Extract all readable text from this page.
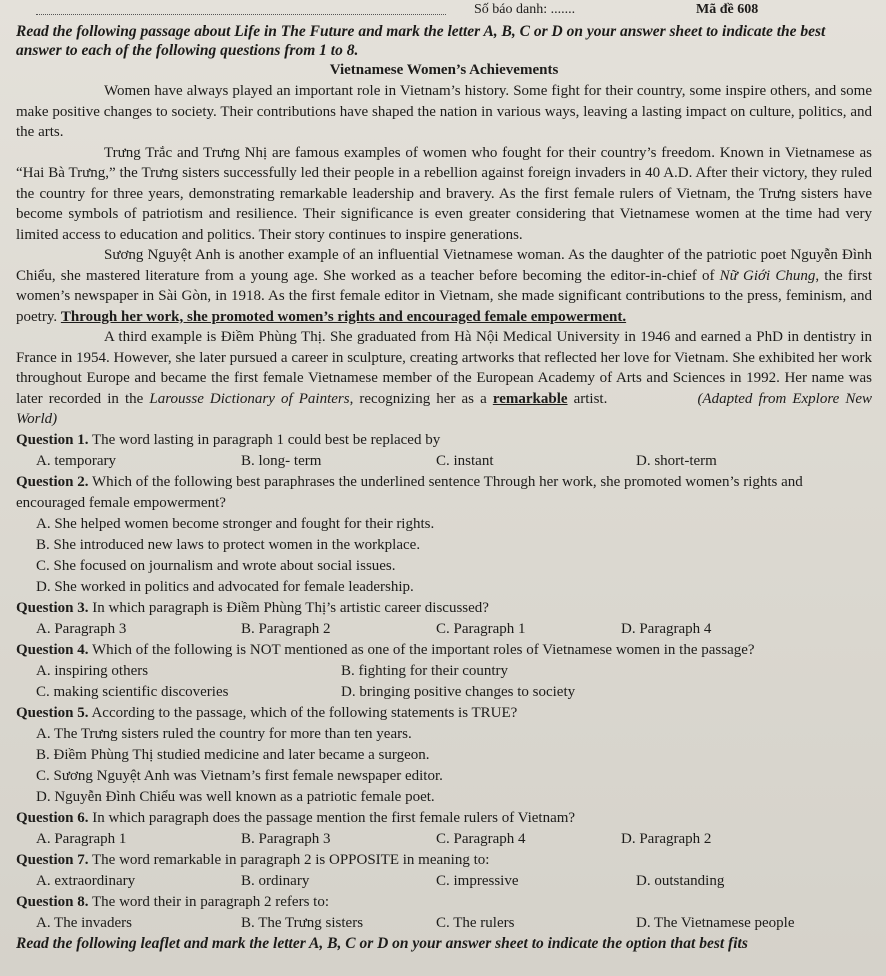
Số báo danh: .......	Mã đề 608

Read the following passage about Life in The Future and mark the letter A, B, C or D on your answer sheet to indicate the best answer to each of the following questions from 1 to 8.

Vietnamese Women’s Achievements

Women have always played an important role in Vietnam’s history. Some fight for their country, some inspire others, and some make positive changes to society. Their contributions have shaped the nation in various ways, leaving a lasting impact on culture, politics, and the arts.

Trưng Trắc and Trưng Nhị are famous examples of women who fought for their country’s freedom. Known in Vietnamese as “Hai Bà Trưng,” the Trưng sisters successfully led their people in a rebellion against foreign invaders in 40 A.D. After their victory, they ruled the country for three years, demonstrating remarkable leadership and bravery. As the first female rulers of Vietnam, the Trưng sisters have become symbols of patriotism and resilience. Their significance is even greater considering that Vietnamese women at the time had very limited access to education and politics. Their story continues to inspire generations.

Sương Nguyệt Anh is another example of an influential Vietnamese woman. As the daughter of the patriotic poet Nguyễn Đình Chiểu, she mastered literature from a young age. She worked as a teacher before becoming the editor-in-chief of Nữ Giới Chung, the first women’s newspaper in Sài Gòn, in 1918. As the first female editor in Vietnam, she made significant contributions to the press, feminism, and poetry. Through her work, she promoted women’s rights and encouraged female empowerment.

A third example is Điềm Phùng Thị. She graduated from Hà Nội Medical University in 1946 and earned a PhD in dentistry in France in 1954. However, she later pursued a career in sculpture, creating artworks that reflected her love for Vietnam. She exhibited her work throughout Europe and became the first female Vietnamese member of the European Academy of Arts and Sciences in 1992. Her name was later recorded in the Larousse Dictionary of Painters, recognizing her as a remarkable artist.	(Adapted from Explore New World)

Question 1. The word lasting in paragraph 1 could best be replaced by

A. temporary	B. long- term	C. instant	D. short-term

Question 2. Which of the following best paraphrases the underlined sentence Through her work, she promoted women’s rights and encouraged female empowerment?

A. She helped women become stronger and fought for their rights.
B. She introduced new laws to protect women in the workplace.
C. She focused on journalism and wrote about social issues.
D. She worked in politics and advocated for female leadership.

Question 3. In which paragraph is Điềm Phùng Thị’s artistic career discussed?

A. Paragraph 3	B. Paragraph 2	C. Paragraph 1	D. Paragraph 4

Question 4. Which of the following is NOT mentioned as one of the important roles of Vietnamese women in the passage?

A. inspiring others	B. fighting for their country
C. making scientific discoveries	D. bringing positive changes to society

Question 5. According to the passage, which of the following statements is TRUE?

A. The Trưng sisters ruled the country for more than ten years.
B. Điềm Phùng Thị studied medicine and later became a surgeon.
C. Sương Nguyệt Anh was Vietnam’s first female newspaper editor.
D. Nguyễn Đình Chiểu was well known as a patriotic female poet.

Question 6. In which paragraph does the passage mention the first female rulers of Vietnam?

A. Paragraph 1	B. Paragraph 3	C. Paragraph 4	D. Paragraph 2

Question 7. The word remarkable in paragraph 2 is OPPOSITE in meaning to:

A. extraordinary	B. ordinary	C. impressive	D. outstanding

Question 8. The word their in paragraph 2 refers to:

A. The invaders	B. The Trưng sisters	C. The rulers	D. The Vietnamese people
Read the following leaflet and mark the letter A, B, C or D on your answer sheet to indicate the option that best fits
